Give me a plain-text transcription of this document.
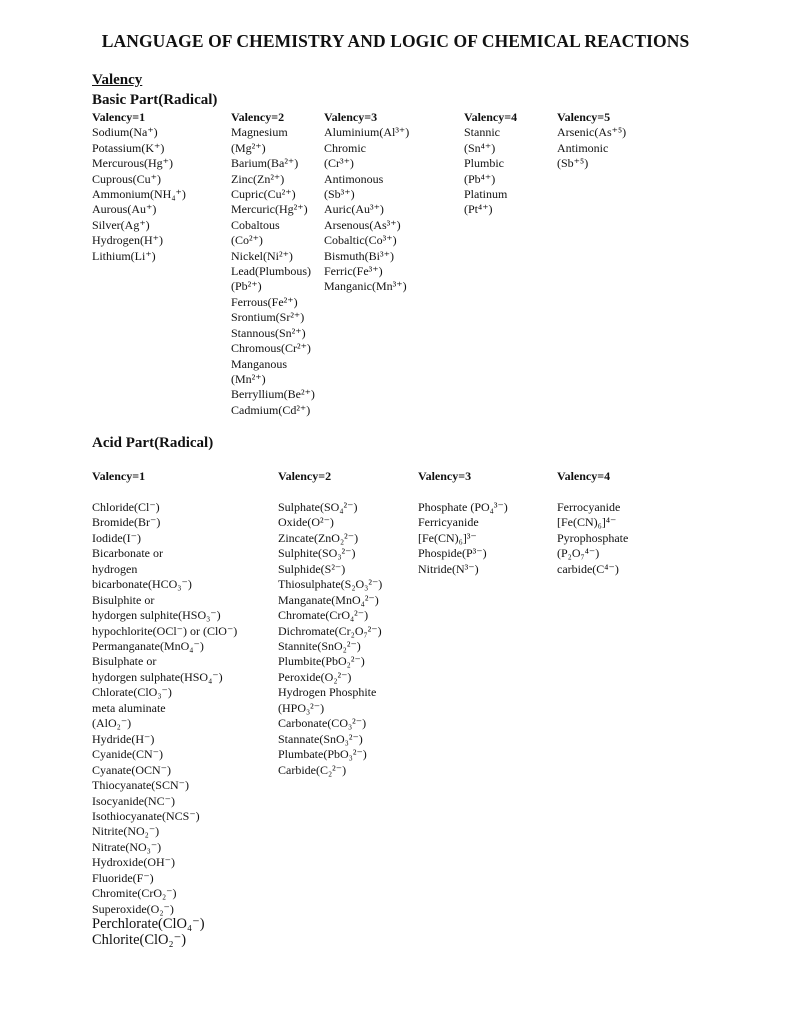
LANGUAGE OF CHEMISTRY AND LOGIC OF CHEMICAL REACTIONS
Valency
Basic Part(Radical)
Valency=1
Sodium(Na⁺)
Potassium(K⁺)
Mercurous(Hg⁺)
Cuprous(Cu⁺)
Ammonium(NH₄⁺)
Aurous(Au⁺)
Silver(Ag⁺)
Hydrogen(H⁺)
Lithium(Li⁺)
Valency=2
Magnesium
(Mg²⁺)
Barium(Ba²⁺)
Zinc(Zn²⁺)
Cupric(Cu²⁺)
Mercuric(Hg²⁺)
Cobaltous
(Co²⁺)
Nickel(Ni²⁺)
Lead(Plumbous)
(Pb²⁺)
Ferrous(Fe²⁺)
Srontium(Sr²⁺)
Stannous(Sn²⁺)
Chromous(Cr²⁺)
Manganous
(Mn²⁺)
Berryllium(Be²⁺)
Cadmium(Cd²⁺)
Valency=3
Aluminium(Al³⁺)
Chromic
(Cr³⁺)
Antimonous
(Sb³⁺)
Auric(Au³⁺)
Arsenous(As³⁺)
Cobaltic(Co³⁺)
Bismuth(Bi³⁺)
Ferric(Fe³⁺)
Manganic(Mn³⁺)
Valency=4
Stannic
(Sn⁴⁺)
Plumbic
(Pb⁴⁺)
Platinum
(Pt⁴⁺)
Valency=5
Arsenic(As⁺⁵)
Antimonic
(Sb⁺⁵)
Acid Part(Radical)
Valency=1
Chloride(Cl⁻)
Bromide(Br⁻)
Iodide(I⁻)
Bicarbonate or
hydrogen
bicarbonate(HCO₃⁻)
Bisulphite or
hydorgen sulphite(HSO₃⁻)
hypochlorite(OCl⁻) or (ClO⁻)
Permanganate(MnO₄⁻)
Bisulphate or
hydorgen sulphate(HSO₄⁻)
Chlorate(ClO₃⁻)
meta aluminate
(AlO₂⁻)
Hydride(H⁻)
Cyanide(CN⁻)
Cyanate(OCN⁻)
Thiocyanate(SCN⁻)
Isocyanide(NC⁻)
Isothiocyanate(NCS⁻)
Nitrite(NO₂⁻)
Nitrate(NO₃⁻)
Hydroxide(OH⁻)
Fluoride(F⁻)
Chromite(CrO₂⁻)
Superoxide(O₂⁻)
Perchlorate(ClO₄⁻)
Chlorite(ClO₂⁻)
Valency=2
Sulphate(SO₄²⁻)
Oxide(O²⁻)
Zincate(ZnO₂²⁻)
Sulphite(SO₃²⁻)
Sulphide(S²⁻)
Thiosulphate(S₂O₃²⁻)
Manganate(MnO₄²⁻)
Chromate(CrO₄²⁻)
Dichromate(Cr₂O₇²⁻)
Stannite(SnO₂²⁻)
Plumbite(PbO₂²⁻)
Peroxide(O₂²⁻)
Hydrogen Phosphite
(HPO₃²⁻)
Carbonate(CO₃²⁻)
Stannate(SnO₃²⁻)
Plumbate(PbO₃²⁻)
Carbide(C₂²⁻)
Valency=3
Phosphate (PO₄³⁻)
Ferricyanide
[Fe(CN)₆]³⁻
Phospide(P³⁻)
Nitride(N³⁻)
Valency=4
Ferrocyanide
[Fe(CN)₆]⁴⁻
Pyrophosphate
(P₂O₇⁴⁻)
carbide(C⁴⁻)
